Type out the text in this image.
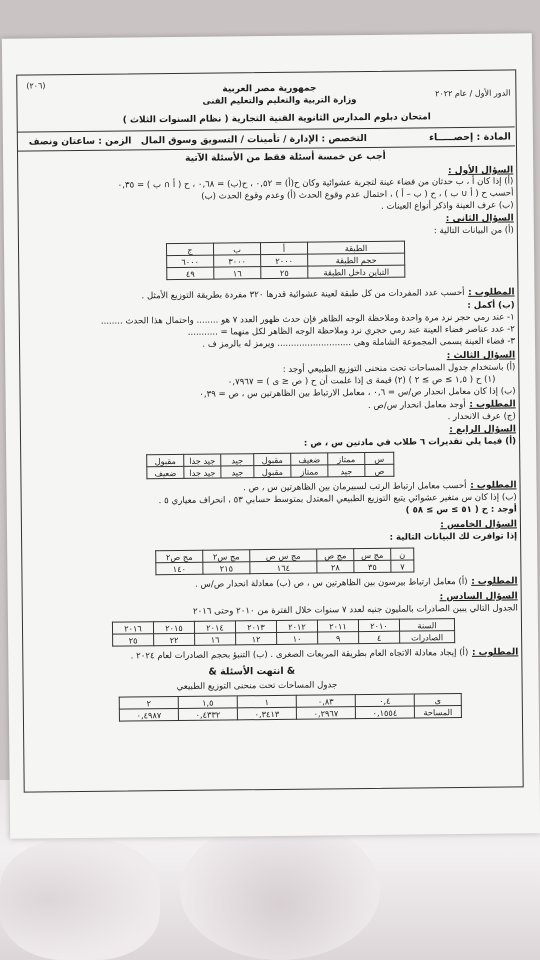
(٢٠٦)	جمهورية مصر العربية
وزارة التربية والتعليم والتعليم الفنى
الدور الأول / عام ٢٠٢٢
امتحان دبلوم المدارس الثانوية الفنية التجارية ( نظام السنوات الثلاث )
المادة : إحصـــــاء
التخصص : الإدارة / تأمينات / التسويق وسوق المال
الزمن : ساعتان ونصف
أجب عن خمسة أسئلة فقط من الأسئلة الآتية
السؤال الأول :
(أ) إذا كان أ ، ب حدثان من فضاء عينة لتجربة عشوائية وكان ح(أ) = ٠,٥٢ ، ح(ب) = ٠,٦٨ ، ح ( أ ∩ ب ) = ٠,٣٥
أحسب ح ( أ ∪ ب ) ، ح ( ب – أ ) ، احتمال عدم وقوع الحدث (أ) وعدم وقوع الحدث (ب)
(ب) عرف العينة واذكر أنواع العينات .
السؤال الثانى :
(أ) من البيانات التالية :
الطبقة	أ	ب	ج
حجم الطبقة	٢٠٠٠	٣٠٠٠	٦٠٠٠
التباين داخل الطبقة	٢٥	١٦	٤٩
المطلوب :
أحسب عدد المفردات من كل طبقة لعينة عشوائية قدرها ٣٢٠ مفردة بطريقة التوزيع الأمثل .
(ب) أكمل :
١- عند رمي حجر نرد مرة واحدة وملاحظة الوجه الظاهر فإن حدث ظهور العدد ٧ هو ........ واحتمال هذا الحدث ........
٢- عدد عناصر فضاء العينة عند رمي حجري نرد وملاحظة الوجه الظاهر لكل منهما = ...........
٣- فضاء العينة يسمى المجموعة الشاملة وهى ........................... ويرمز له بالرمز ف .
السؤال الثالث :
(أ) باستخدام جدول المساحات تحت منحنى التوزيع الطبيعي أوجد :
(١) ح ( ١,٥ ≥ ص ≥ ٢ ) (٢) قيمة ى إذا علمت أن ح ( ص ≤ ى ) = ٠,٧٩٦٧
(ب) إذا كان معامل انحدار ص/س = ٠,٦ ، معامل الارتباط بين الظاهرتين س ، ص = ٠,٣٩
المطلوب :
أوجد معامل انحدار س/ص .
(ج) عرف الانحدار .
السؤال الرابع :
(أ) فيما يلي تقديرات ٦ طلاب في مادتين س ، ص :
س	ممتاز	ضعيف	مقبول	جيد	جيد جدا	مقبول
ص	جيد	ممتاز	مقبول	جيد	جيد جدا	ضعيف
المطلوب :
أحسب معامل ارتباط الرتب لسبيرمان بين الظاهرتين س ، ص .
(ب) إذا كان س متغير عشوائي يتبع التوزيع الطبيعي المعتدل بمتوسط حسابي ٥٣ ، انحراف معياري ٥ .
أوجد : ح ( ٥١ ≥ س ≥ ٥٨ )
السؤال الخامس :
إذا توافرت لك البيانات التالية :
ن	مج س	مج ص	مج س ص	مج س٢	مج ص٢
٧	٣٥	٢٨	١٦٤	٢١٥	١٤٠
المطلوب :
(أ) معامل ارتباط بيرسون بين الظاهرتين س ، ص (ب) معادلة انحدار ص/س .
السؤال السادس :
الجدول التالي يبين الصادرات بالمليون جنيه لعدد ٧ سنوات خلال الفترة من ٢٠١٠ وحتى ٢٠١٦
السنة	٢٠١٠	٢٠١١	٢٠١٢	٢٠١٣	٢٠١٤	٢٠١٥	٢٠١٦
الصادرات	٤	٩	١٠	١٢	١٦	٢٢	٢٥
المطلوب :
(أ) إيجاد معادلة الاتجاه العام بطريقة المربعات الصغرى . (ب) التنبؤ بحجم الصادرات لعام ٢٠٢٤ .
& انتهت الأسئلة &
جدول المساحات تحت منحنى التوزيع الطبيعي
ى	٠,٤	٠,٨٣	١	١,٥	٢
المساحة	٠,١٥٥٤	٠,٢٩٦٧	٠,٣٤١٣	٠,٤٣٣٢	٠,٤٩٨٧
